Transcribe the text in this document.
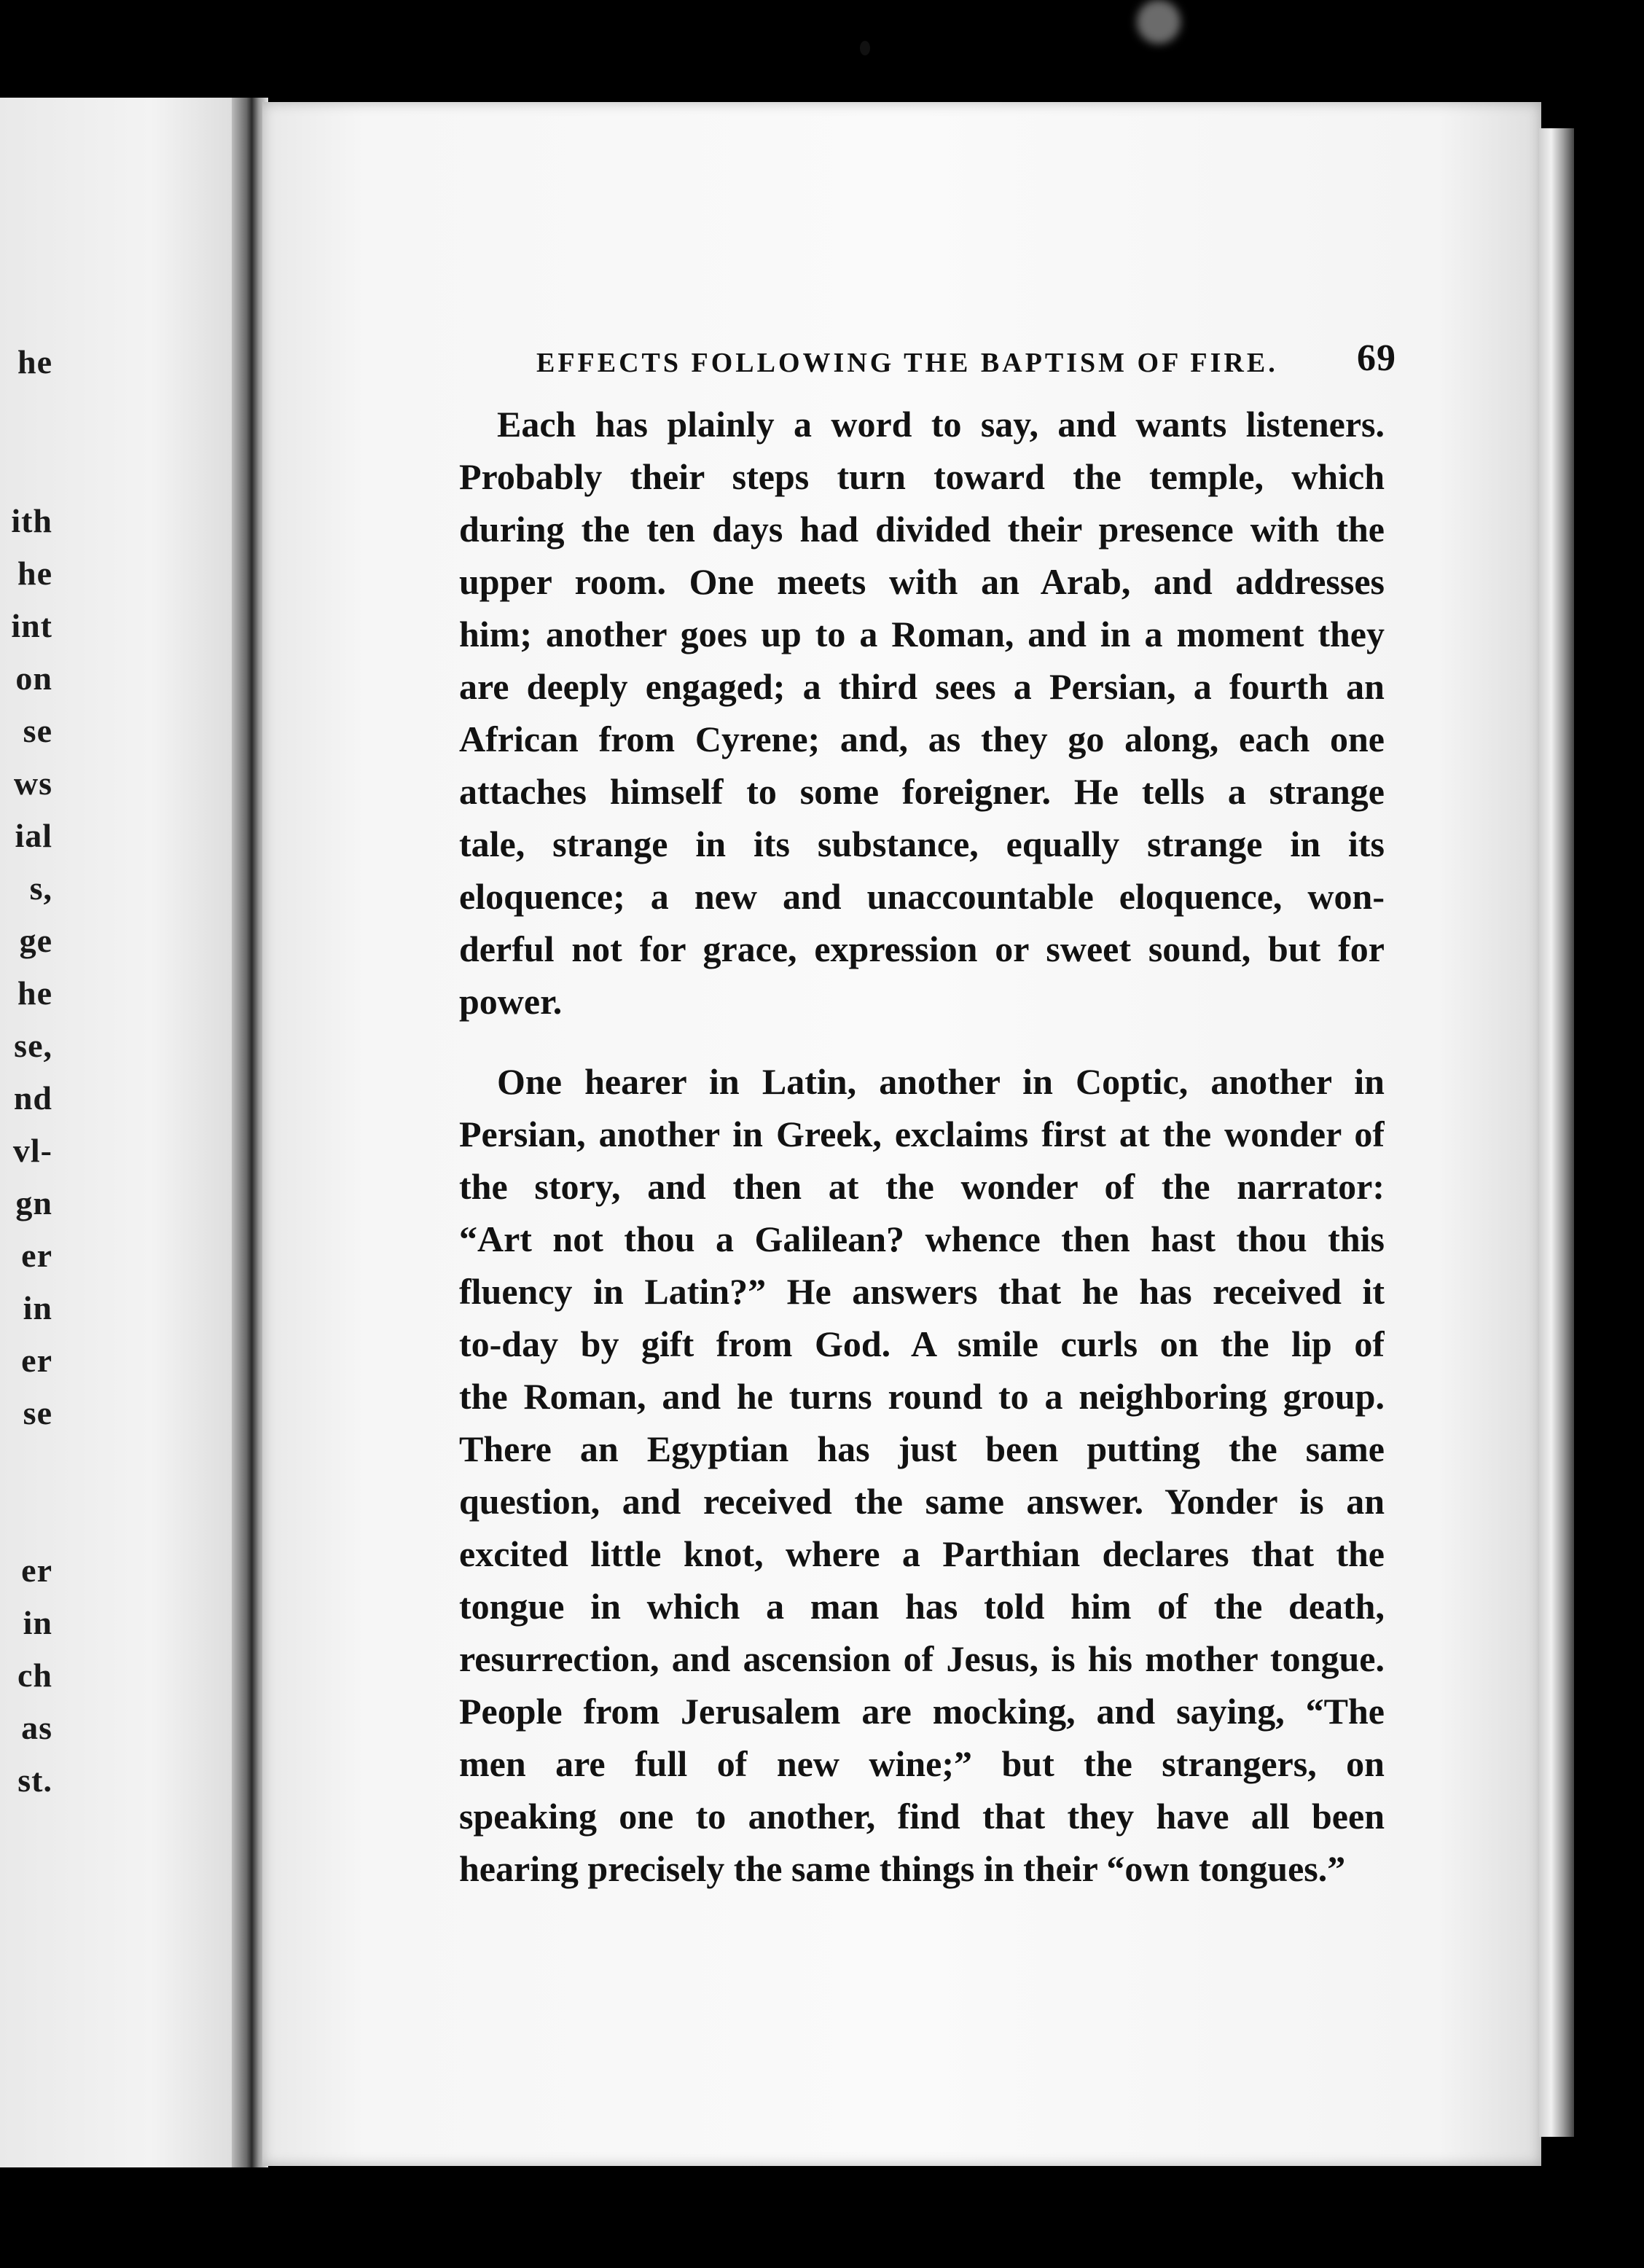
he
ith
he
int
on
se
ws
ial
s,
ge
he
se,
nd
vl-
gn
er
in
er
se
er
in
ch
as
st.
EFFECTS FOLLOWING THE BAPTISM OF FIRE. 69
Each has plainly a word to say, and wants listeners.
Probably their steps turn toward the temple, which
during the ten days had divided their presence with the
upper room. One meets with an Arab, and addresses
him; another goes up to a Roman, and in a moment they
are deeply engaged; a third sees a Persian, a fourth an
African from Cyrene; and, as they go along, each one
attaches himself to some foreigner. He tells a strange
tale, strange in its substance, equally strange in its
eloquence; a new and unaccountable eloquence, won-
derful not for grace, expression or sweet sound, but for
power.
One hearer in Latin, another in Coptic, another in
Persian, another in Greek, exclaims first at the wonder of
the story, and then at the wonder of the narrator:
“Art not thou a Galilean? whence then hast thou this
fluency in Latin?” He answers that he has received it
to-day by gift from God. A smile curls on the lip of
the Roman, and he turns round to a neighboring group.
There an Egyptian has just been putting the same
question, and received the same answer. Yonder is an
excited little knot, where a Parthian declares that the
tongue in which a man has told him of the death,
resurrection, and ascension of Jesus, is his mother tongue.
People from Jerusalem are mocking, and saying, “The
men are full of new wine;” but the strangers, on
speaking one to another, find that they have all been
hearing precisely the same things in their “own tongues.”
